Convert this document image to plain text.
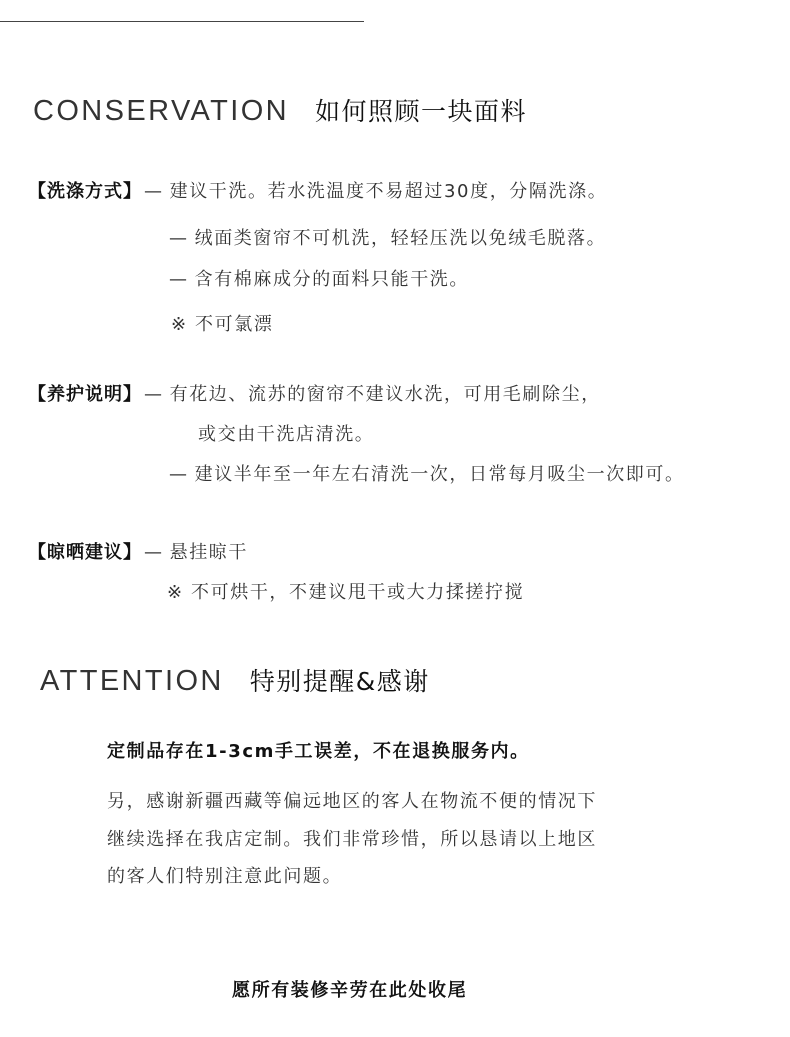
CONSERVATION 如何照顾一块面料
【洗涤方式】 — 建议干洗。若水洗温度不易超过30度，分隔洗涤。
— 绒面类窗帘不可机洗，轻轻压洗以免绒毛脱落。
— 含有棉麻成分的面料只能干洗。
※ 不可氯漂
【养护说明】 — 有花边、流苏的窗帘不建议水洗，可用毛刷除尘，
或交由干洗店清洗。
— 建议半年至一年左右清洗一次，日常每月吸尘一次即可。
【晾晒建议】 — 悬挂晾干
※ 不可烘干，不建议甩干或大力揉搓拧搅
ATTENTION 特别提醒&感谢
定制品存在1-3cm手工误差，不在退换服务内。
另，感谢新疆西藏等偏远地区的客人在物流不便的情况下
继续选择在我店定制。我们非常珍惜，所以恳请以上地区
的客人们特别注意此问题。
愿所有装修辛劳在此处收尾
